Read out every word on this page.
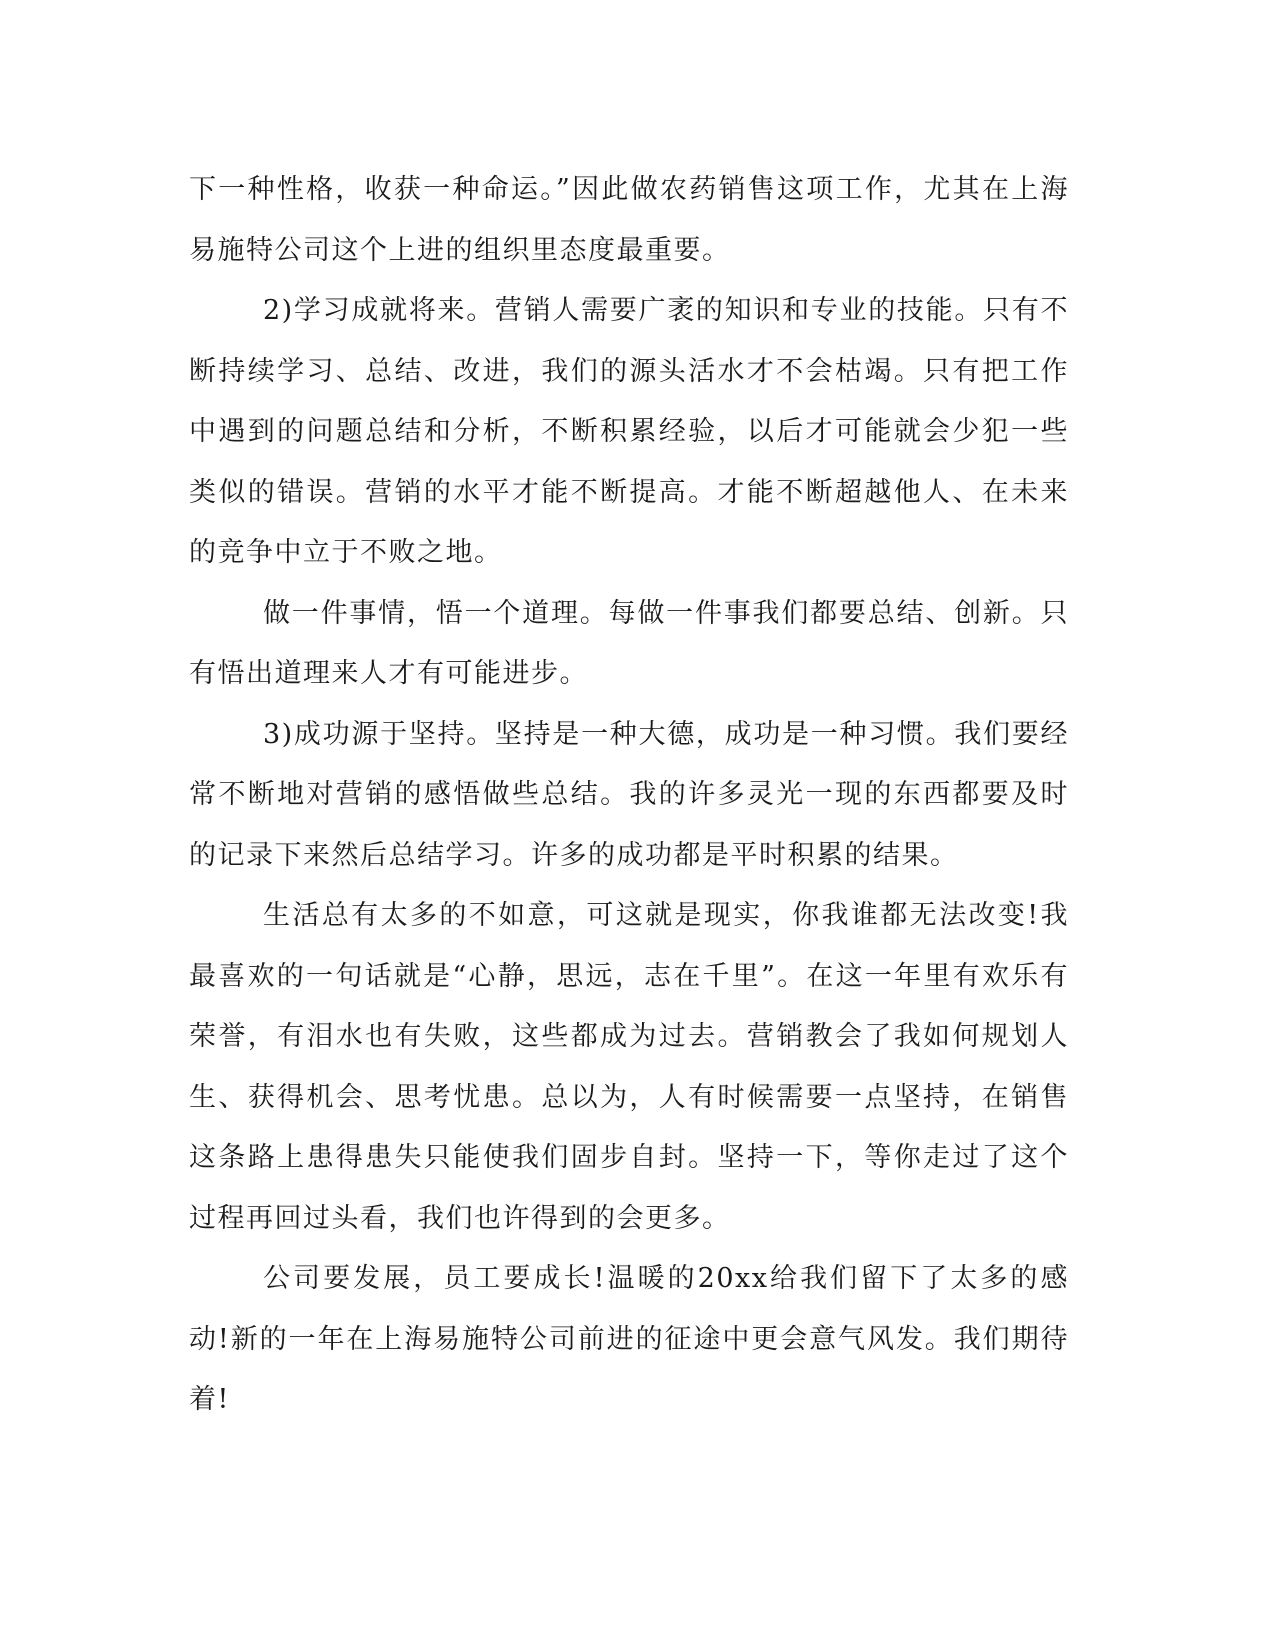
下一种性格，收获一种命运。”因此做农药销售这项工作，尤其在上海易施特公司这个上进的组织里态度最重要。

2)学习成就将来。营销人需要广袤的知识和专业的技能。只有不断持续学习、总结、改进，我们的源头活水才不会枯竭。只有把工作中遇到的问题总结和分析，不断积累经验，以后才可能就会少犯一些类似的错误。营销的水平才能不断提高。才能不断超越他人、在未来的竞争中立于不败之地。

做一件事情，悟一个道理。每做一件事我们都要总结、创新。只有悟出道理来人才有可能进步。

3)成功源于坚持。坚持是一种大德，成功是一种习惯。我们要经常不断地对营销的感悟做些总结。我的许多灵光一现的东西都要及时的记录下来然后总结学习。许多的成功都是平时积累的结果。

生活总有太多的不如意，可这就是现实，你我谁都无法改变!我最喜欢的一句话就是“心静，思远，志在千里”。在这一年里有欢乐有荣誉，有泪水也有失败，这些都成为过去。营销教会了我如何规划人生、获得机会、思考忧患。总以为，人有时候需要一点坚持，在销售这条路上患得患失只能使我们固步自封。坚持一下，等你走过了这个过程再回过头看，我们也许得到的会更多。

公司要发展，员工要成长!温暖的20xx给我们留下了太多的感动!新的一年在上海易施特公司前进的征途中更会意气风发。我们期待着!
